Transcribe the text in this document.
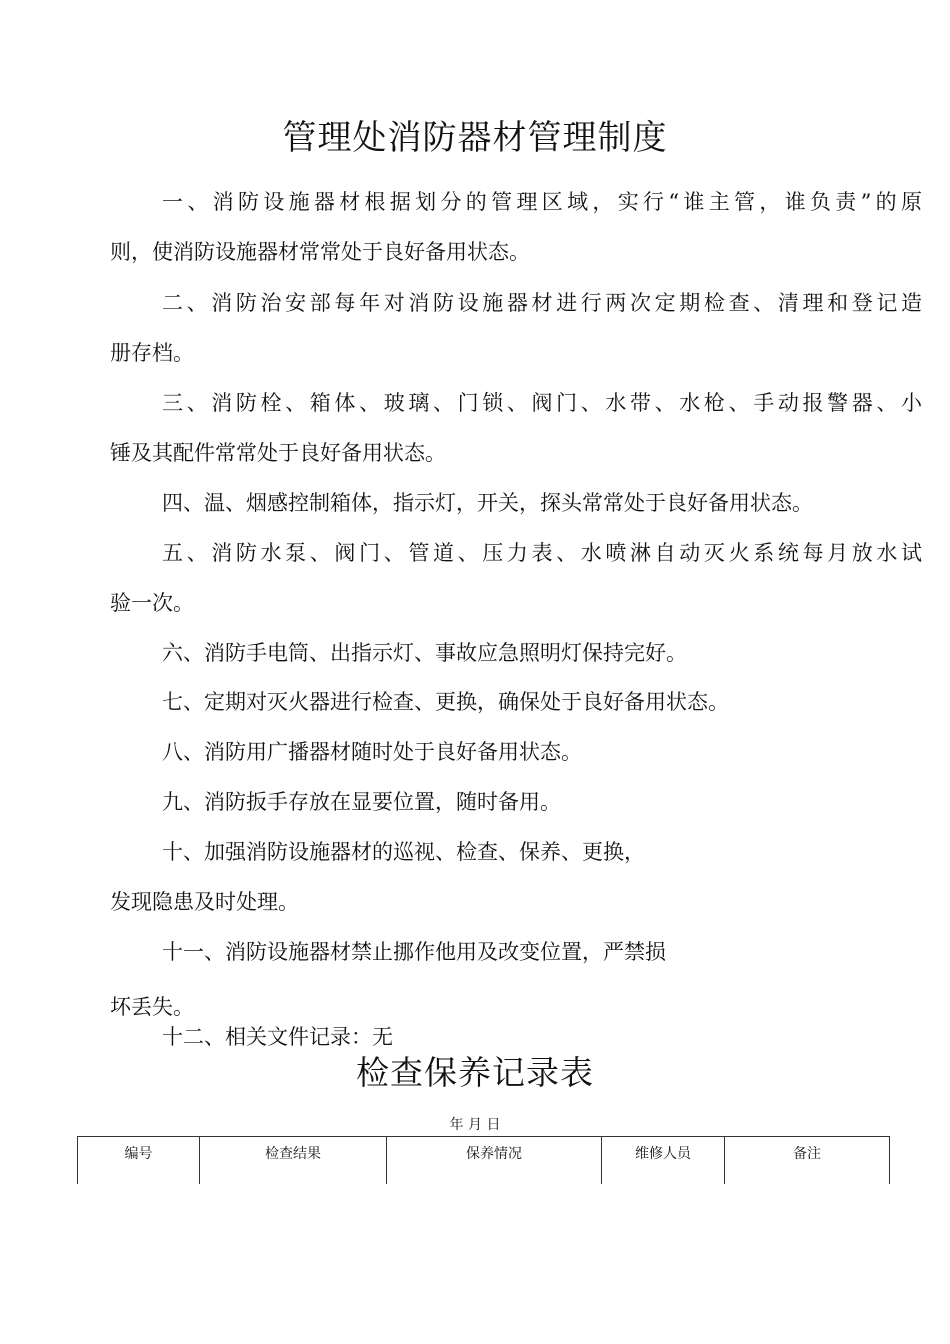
管理处消防器材管理制度
一、消防设施器材根据划分的管理区域，实行“谁主管，谁负责”的原
则，使消防设施器材常常处于良好备用状态。
二、消防治安部每年对消防设施器材进行两次定期检查、清理和登记造
册存档。
三、消防栓、箱体、玻璃、门锁、阀门、水带、水枪、手动报警器、小
锤及其配件常常处于良好备用状态。
四、温、烟感控制箱体，指示灯，开关，探头常常处于良好备用状态。
五、消防水泵、阀门、管道、压力表、水喷淋自动灭火系统每月放水试
验一次。
六、消防手电筒、出指示灯、事故应急照明灯保持完好。
七、定期对灭火器进行检查、更换，确保处于良好备用状态。
八、消防用广播器材随时处于良好备用状态。
九、消防扳手存放在显要位置，随时备用。
十、加强消防设施器材的巡视、检查、保养、更换，
发现隐患及时处理。
十一、消防设施器材禁止挪作他用及改变位置，严禁损
坏丢失。
十二、相关文件记录：无
检查保养记录表
年 月 日
编号	检查结果	保养情况	维修人员	备注
